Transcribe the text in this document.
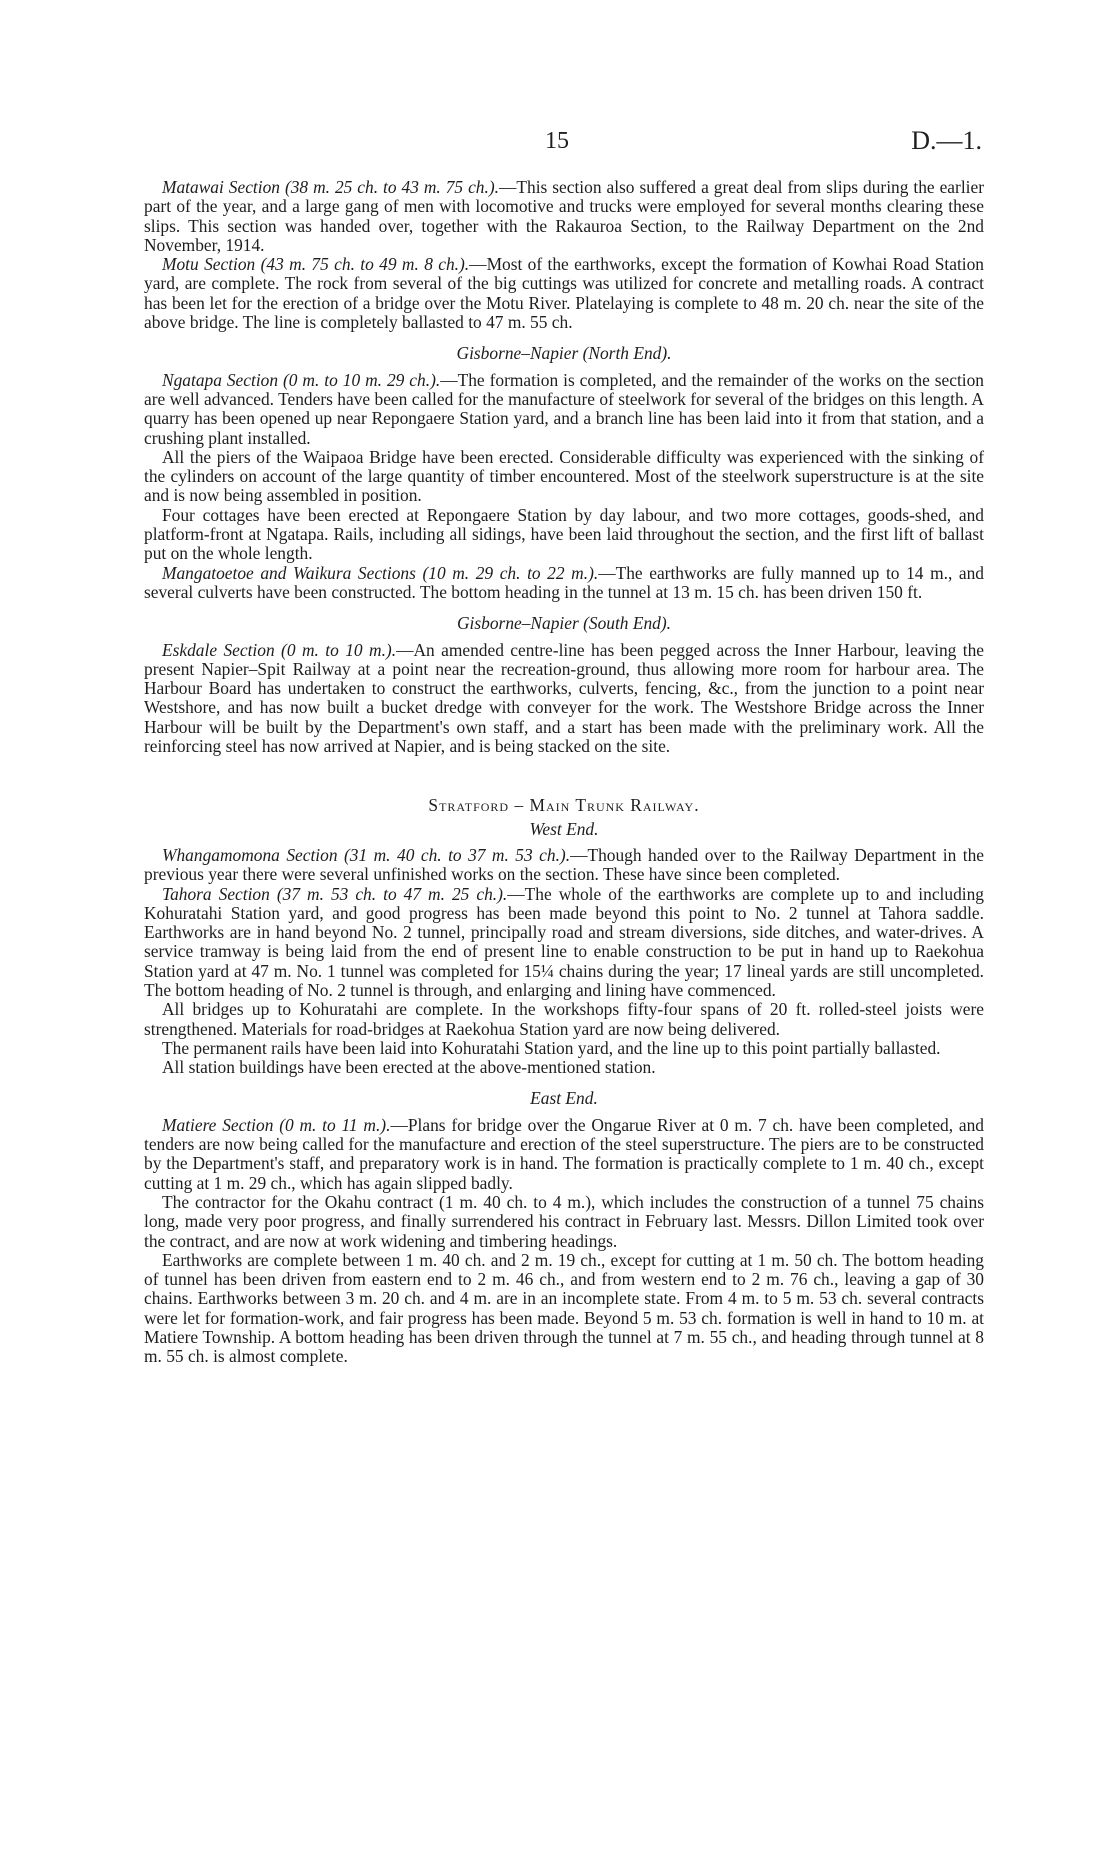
15	D.—1.

Matawai Section (38 m. 25 ch. to 43 m. 75 ch.).—This section also suffered a great deal from slips during the earlier part of the year, and a large gang of men with locomotive and trucks were employed for several months clearing these slips. This section was handed over, together with the Rakauroa Section, to the Railway Department on the 2nd November, 1914.

Motu Section (43 m. 75 ch. to 49 m. 8 ch.).—Most of the earthworks, except the formation of Kowhai Road Station yard, are complete. The rock from several of the big cuttings was utilized for concrete and metalling roads. A contract has been let for the erection of a bridge over the Motu River. Platelaying is complete to 48 m. 20 ch. near the site of the above bridge. The line is completely ballasted to 47 m. 55 ch.

Gisborne–Napier (North End).

Ngatapa Section (0 m. to 10 m. 29 ch.).—The formation is completed, and the remainder of the works on the section are well advanced. Tenders have been called for the manufacture of steelwork for several of the bridges on this length. A quarry has been opened up near Repongaere Station yard, and a branch line has been laid into it from that station, and a crushing plant installed.

All the piers of the Waipaoa Bridge have been erected. Considerable difficulty was experienced with the sinking of the cylinders on account of the large quantity of timber encountered. Most of the steelwork superstructure is at the site and is now being assembled in position.

Four cottages have been erected at Repongaere Station by day labour, and two more cottages, goods-shed, and platform-front at Ngatapa. Rails, including all sidings, have been laid throughout the section, and the first lift of ballast put on the whole length.

Mangatoetoe and Waikura Sections (10 m. 29 ch. to 22 m.).—The earthworks are fully manned up to 14 m., and several culverts have been constructed. The bottom heading in the tunnel at 13 m. 15 ch. has been driven 150 ft.

Gisborne–Napier (South End).

Eskdale Section (0 m. to 10 m.).—An amended centre-line has been pegged across the Inner Harbour, leaving the present Napier–Spit Railway at a point near the recreation-ground, thus allowing more room for harbour area. The Harbour Board has undertaken to construct the earthworks, culverts, fencing, &c., from the junction to a point near Westshore, and has now built a bucket dredge with conveyer for the work. The Westshore Bridge across the Inner Harbour will be built by the Department's own staff, and a start has been made with the preliminary work. All the reinforcing steel has now arrived at Napier, and is being stacked on the site.

Stratford – Main Trunk Railway.
West End.

Whangamomona Section (31 m. 40 ch. to 37 m. 53 ch.).—Though handed over to the Railway Department in the previous year there were several unfinished works on the section. These have since been completed.

Tahora Section (37 m. 53 ch. to 47 m. 25 ch.).—The whole of the earthworks are complete up to and including Kohuratahi Station yard, and good progress has been made beyond this point to No. 2 tunnel at Tahora saddle. Earthworks are in hand beyond No. 2 tunnel, principally road and stream diversions, side ditches, and water-drives. A service tramway is being laid from the end of present line to enable construction to be put in hand up to Raekohua Station yard at 47 m. No. 1 tunnel was completed for 15¼ chains during the year; 17 lineal yards are still uncompleted. The bottom heading of No. 2 tunnel is through, and enlarging and lining have commenced.

All bridges up to Kohuratahi are complete. In the workshops fifty-four spans of 20 ft. rolled-steel joists were strengthened. Materials for road-bridges at Raekohua Station yard are now being delivered.

The permanent rails have been laid into Kohuratahi Station yard, and the line up to this point partially ballasted.

All station buildings have been erected at the above-mentioned station.

East End.

Matiere Section (0 m. to 11 m.).—Plans for bridge over the Ongarue River at 0 m. 7 ch. have been completed, and tenders are now being called for the manufacture and erection of the steel superstructure. The piers are to be constructed by the Department's staff, and preparatory work is in hand. The formation is practically complete to 1 m. 40 ch., except cutting at 1 m. 29 ch., which has again slipped badly.

The contractor for the Okahu contract (1 m. 40 ch. to 4 m.), which includes the construction of a tunnel 75 chains long, made very poor progress, and finally surrendered his contract in February last. Messrs. Dillon Limited took over the contract, and are now at work widening and timbering headings.

Earthworks are complete between 1 m. 40 ch. and 2 m. 19 ch., except for cutting at 1 m. 50 ch. The bottom heading of tunnel has been driven from eastern end to 2 m. 46 ch., and from western end to 2 m. 76 ch., leaving a gap of 30 chains. Earthworks between 3 m. 20 ch. and 4 m. are in an incomplete state. From 4 m. to 5 m. 53 ch. several contracts were let for formation-work, and fair progress has been made. Beyond 5 m. 53 ch. formation is well in hand to 10 m. at Matiere Township. A bottom heading has been driven through the tunnel at 7 m. 55 ch., and heading through tunnel at 8 m. 55 ch. is almost complete.
